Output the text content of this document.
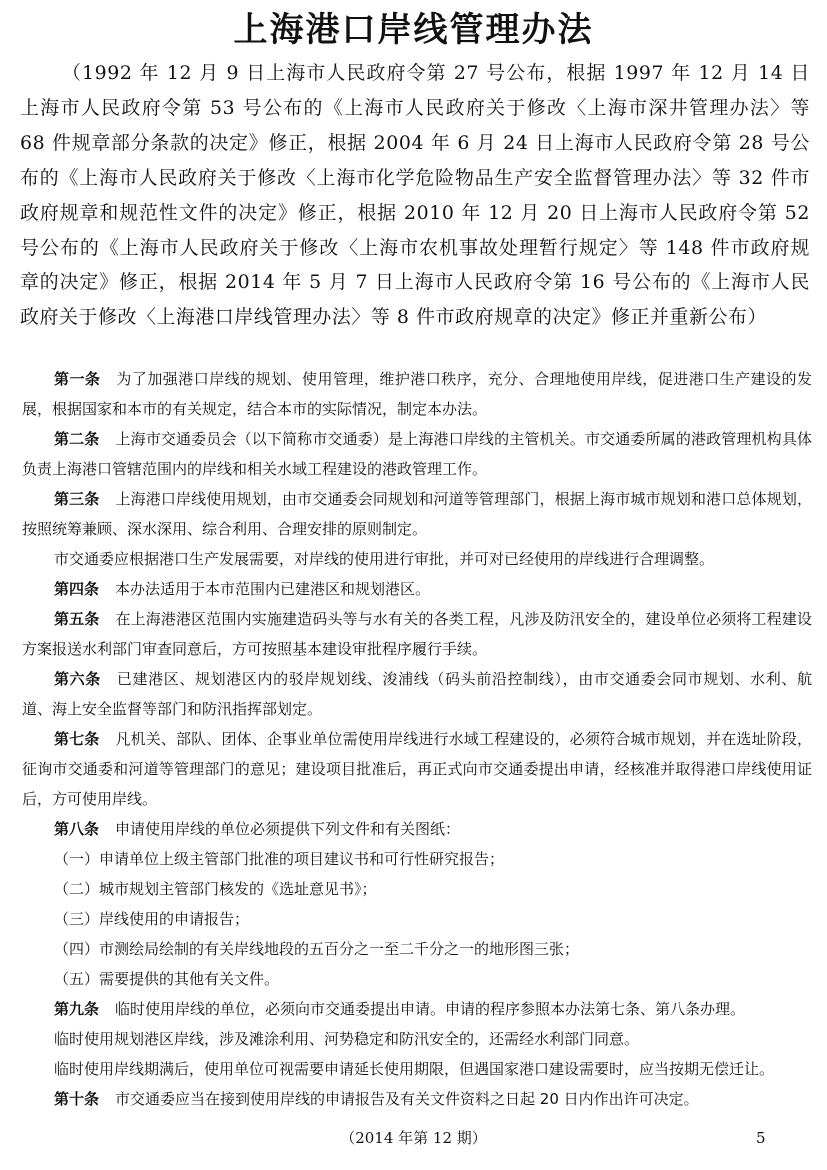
上海港口岸线管理办法

（1992 年 12 月 9 日上海市人民政府令第 27 号公布，根据 1997 年 12 月 14 日上海市人民政府令第 53 号公布的《上海市人民政府关于修改〈上海市深井管理办法〉等 68 件规章部分条款的决定》修正，根据 2004 年 6 月 24 日上海市人民政府令第 28 号公布的《上海市人民政府关于修改〈上海市化学危险物品生产安全监督管理办法〉等 32 件市政府规章和规范性文件的决定》修正，根据 2010 年 12 月 20 日上海市人民政府令第 52 号公布的《上海市人民政府关于修改〈上海市农机事故处理暂行规定〉等 148 件市政府规章的决定》修正，根据 2014 年 5 月 7 日上海市人民政府令第 16 号公布的《上海市人民政府关于修改〈上海港口岸线管理办法〉等 8 件市政府规章的决定》修正并重新公布）

第一条 为了加强港口岸线的规划、使用管理，维护港口秩序，充分、合理地使用岸线，促进港口生产建设的发展，根据国家和本市的有关规定，结合本市的实际情况，制定本办法。

第二条 上海市交通委员会（以下简称市交通委）是上海港口岸线的主管机关。市交通委所属的港政管理机构具体负责上海港口管辖范围内的岸线和相关水域工程建设的港政管理工作。

第三条 上海港口岸线使用规划，由市交通委会同规划和河道等管理部门，根据上海市城市规划和港口总体规划，按照统筹兼顾、深水深用、综合利用、合理安排的原则制定。

市交通委应根据港口生产发展需要，对岸线的使用进行审批，并可对已经使用的岸线进行合理调整。

第四条 本办法适用于本市范围内已建港区和规划港区。

第五条 在上海港港区范围内实施建造码头等与水有关的各类工程，凡涉及防汛安全的，建设单位必须将工程建设方案报送水利部门审查同意后，方可按照基本建设审批程序履行手续。

第六条 已建港区、规划港区内的驳岸规划线、浚浦线（码头前沿控制线），由市交通委会同市规划、水利、航道、海上安全监督等部门和防汛指挥部划定。

第七条 凡机关、部队、团体、企事业单位需使用岸线进行水域工程建设的，必须符合城市规划，并在选址阶段，征询市交通委和河道等管理部门的意见；建设项目批准后，再正式向市交通委提出申请，经核准并取得港口岸线使用证后，方可使用岸线。

第八条 申请使用岸线的单位必须提供下列文件和有关图纸：

（一）申请单位上级主管部门批准的项目建议书和可行性研究报告；

（二）城市规划主管部门核发的《选址意见书》；

（三）岸线使用的申请报告；

（四）市测绘局绘制的有关岸线地段的五百分之一至二千分之一的地形图三张；

（五）需要提供的其他有关文件。

第九条 临时使用岸线的单位，必须向市交通委提出申请。申请的程序参照本办法第七条、第八条办理。

临时使用规划港区岸线，涉及滩涂利用、河势稳定和防汛安全的，还需经水利部门同意。

临时使用岸线期满后，使用单位可视需要申请延长使用期限，但遇国家港口建设需要时，应当按期无偿迁让。

第十条 市交通委应当在接到使用岸线的申请报告及有关文件资料之日起 20 日内作出许可决定。

（2014 年第 12 期）	5
